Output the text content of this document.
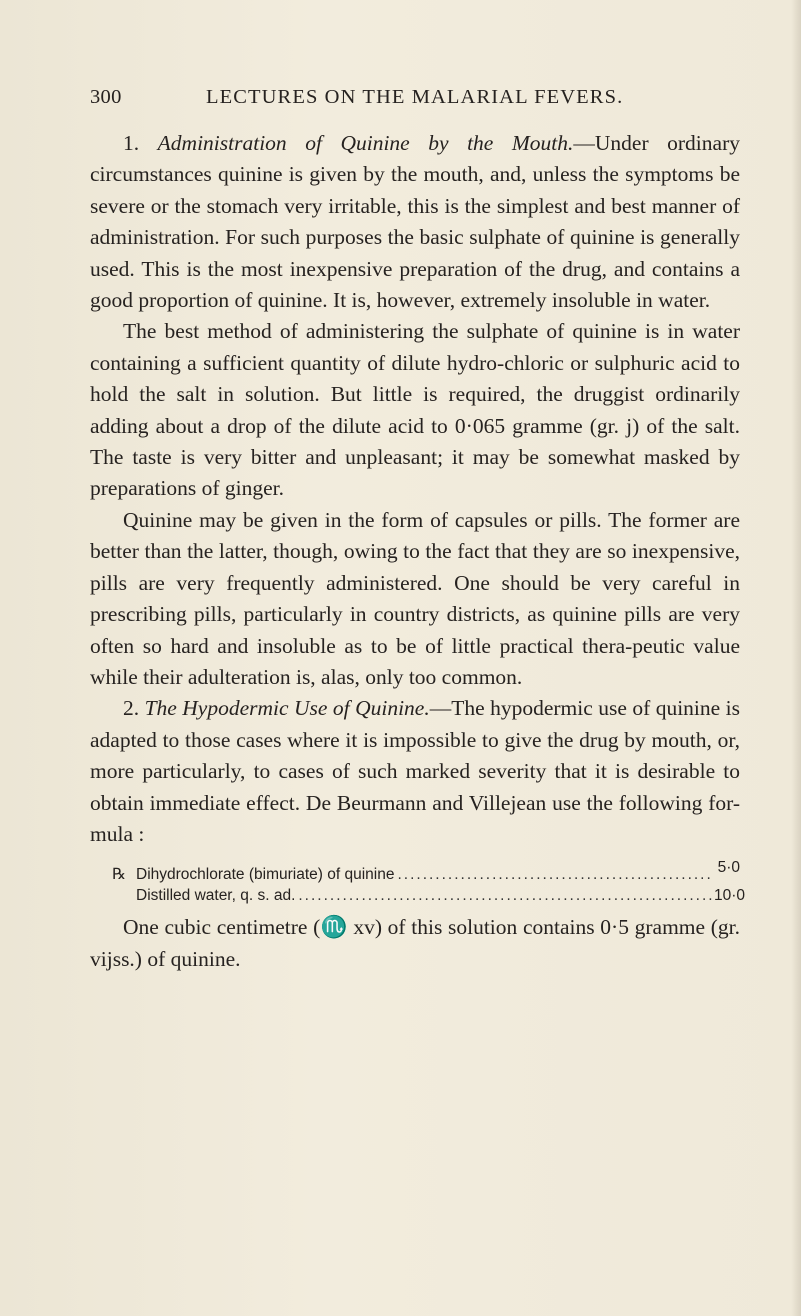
300	LECTURES ON THE MALARIAL FEVERS.

1. Administration of Quinine by the Mouth.—Under ordinary circumstances quinine is given by the mouth, and, unless the symptoms be severe or the stomach very irritable, this is the simplest and best manner of administration. For such purposes the basic sulphate of quinine is generally used. This is the most inexpensive preparation of the drug, and contains a good proportion of quinine. It is, however, extremely insoluble in water.

The best method of administering the sulphate of quinine is in water containing a sufficient quantity of dilute hydro-chloric or sulphuric acid to hold the salt in solution. But little is required, the druggist ordinarily adding about a drop of the dilute acid to 0·065 gramme (gr. j) of the salt. The taste is very bitter and unpleasant; it may be somewhat masked by preparations of ginger.

Quinine may be given in the form of capsules or pills. The former are better than the latter, though, owing to the fact that they are so inexpensive, pills are very frequently administered. One should be very careful in prescribing pills, particularly in country districts, as quinine pills are very often so hard and insoluble as to be of little practical thera-peutic value while their adulteration is, alas, only too common.

2. The Hypodermic Use of Quinine.—The hypodermic use of quinine is adapted to those cases where it is impossible to give the drug by mouth, or, more particularly, to cases of such marked severity that it is desirable to obtain immediate effect. De Beurmann and Villejean use the following for-mula :

℞ Dihydrochlorate (bimuriate) of quinine .....	5·0
Distilled water, q. s. ad. .....	10·0

One cubic centimetre (♏ xv) of this solution contains 0·5 gramme (gr. vijss.) of quinine.
